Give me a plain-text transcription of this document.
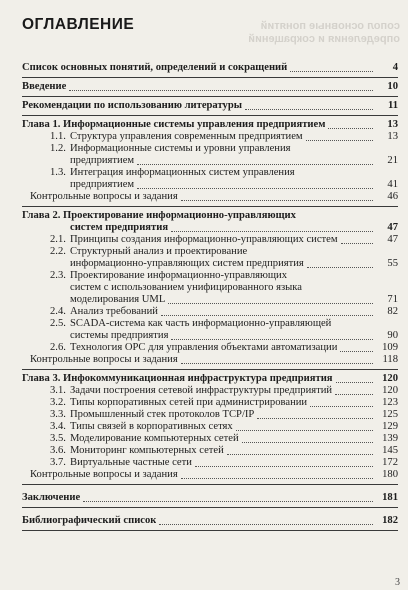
сопол основные понятий определения и сокращений
ОГЛАВЛЕНИЕ
Список основных понятий, определений и сокращений	4
Введение	10
Рекомендации по использованию литературы	11
Глава 1. Информационные системы управления предприятием	13
1.1. Структура управления современным предприятием	13
1.2. Информационные системы и уровни управления
предприятием	21
1.3. Интеграция информационных систем управления
предприятием	41
Контрольные вопросы и задания	46
Глава 2. Проектирование информационно-управляющих
систем предприятия	47
2.1. Принципы создания информационно-управляющих систем	47
2.2. Структурный анализ и проектирование
информационно-управляющих систем предприятия	55
2.3. Проектирование информационно-управляющих
систем с использованием унифицированного языка
моделирования UML	71
2.4. Анализ требований	82
2.5. SCADA-система как часть информационно-управляющей
системы предприятия	90
2.6. Технология OPC для управления объектами автоматизации	109
Контрольные вопросы и задания	118
Глава 3. Инфокоммуникационная инфраструктура предприятия	120
3.1. Задачи построения сетевой инфраструктуры предприятий	120
3.2. Типы корпоративных сетей при администрировании	123
3.3. Промышленный стек протоколов TCP/IP	125
3.4. Типы связей в корпоративных сетях	129
3.5. Моделирование компьютерных сетей	139
3.6. Мониторинг компьютерных сетей	145
3.7. Виртуальные частные сети	172
Контрольные вопросы и задания	180
Заключение	181
Библиографический список	182
3
